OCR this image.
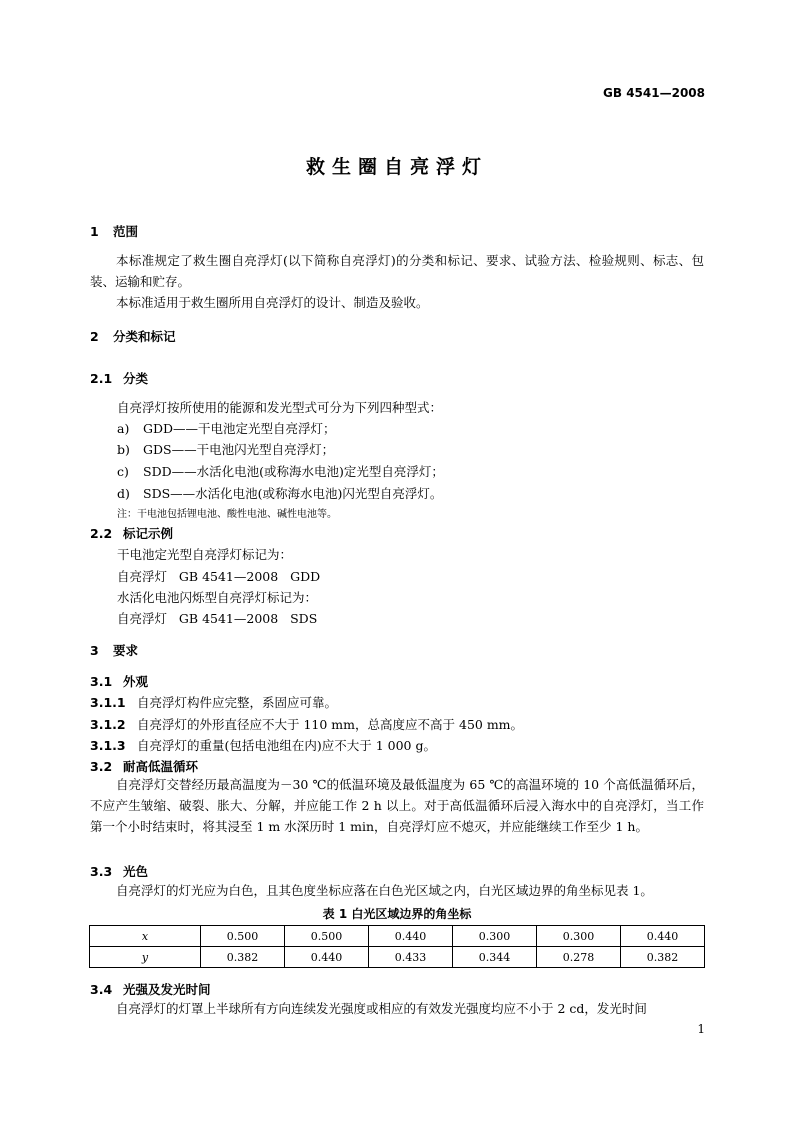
GB 4541—2008
救生圈自亮浮灯
1 范围

本标准规定了救生圈自亮浮灯(以下简称自亮浮灯)的分类和标记、要求、试验方法、检验规则、标志、包装、运输和贮存。

本标准适用于救生圈所用自亮浮灯的设计、制造及验收。

2 分类和标记
2.1 分类
自亮浮灯按所使用的能源和发光型式可分为下列四种型式：
a) GDD——干电池定光型自亮浮灯；
b) GDS——干电池闪光型自亮浮灯；
c) SDD——水活化电池(或称海水电池)定光型自亮浮灯；
d) SDS——水活化电池(或称海水电池)闪光型自亮浮灯。
注：干电池包括锂电池、酸性电池、碱性电池等。
2.2 标记示例
干电池定光型自亮浮灯标记为：
自亮浮灯   GB 4541—2008   GDD
水活化电池闪烁型自亮浮灯标记为：
自亮浮灯   GB 4541—2008   SDS
3 要求
3.1 外观
3.1.1 自亮浮灯构件应完整，系固应可靠。
3.1.2 自亮浮灯的外形直径应不大于 110 mm，总高度应不高于 450 mm。
3.1.3 自亮浮灯的重量(包括电池组在内)应不大于 1 000 g。
3.2 耐高低温循环

自亮浮灯交替经历最高温度为－30 ℃的低温环境及最低温度为 65 ℃的高温环境的 10 个高低温循环后，不应产生皱缩、破裂、胀大、分解，并应能工作 2 h 以上。对于高低温循环后浸入海水中的自亮浮灯，当工作第一个小时结束时，将其浸至 1 m 水深历时 1 min，自亮浮灯应不熄灭，并应能继续工作至少 1 h。

3.3 光色

自亮浮灯的灯光应为白色，且其色度坐标应落在白色光区域之内，白光区域边界的角坐标见表 1。

表 1 白光区域边界的角坐标
x	0.500	0.500	0.440	0.300	0.300	0.440
y	0.382	0.440	0.433	0.344	0.278	0.382
3.4 光强及发光时间

自亮浮灯的灯罩上半球所有方向连续发光强度或相应的有效发光强度均应不小于 2 cd，发光时间

1
